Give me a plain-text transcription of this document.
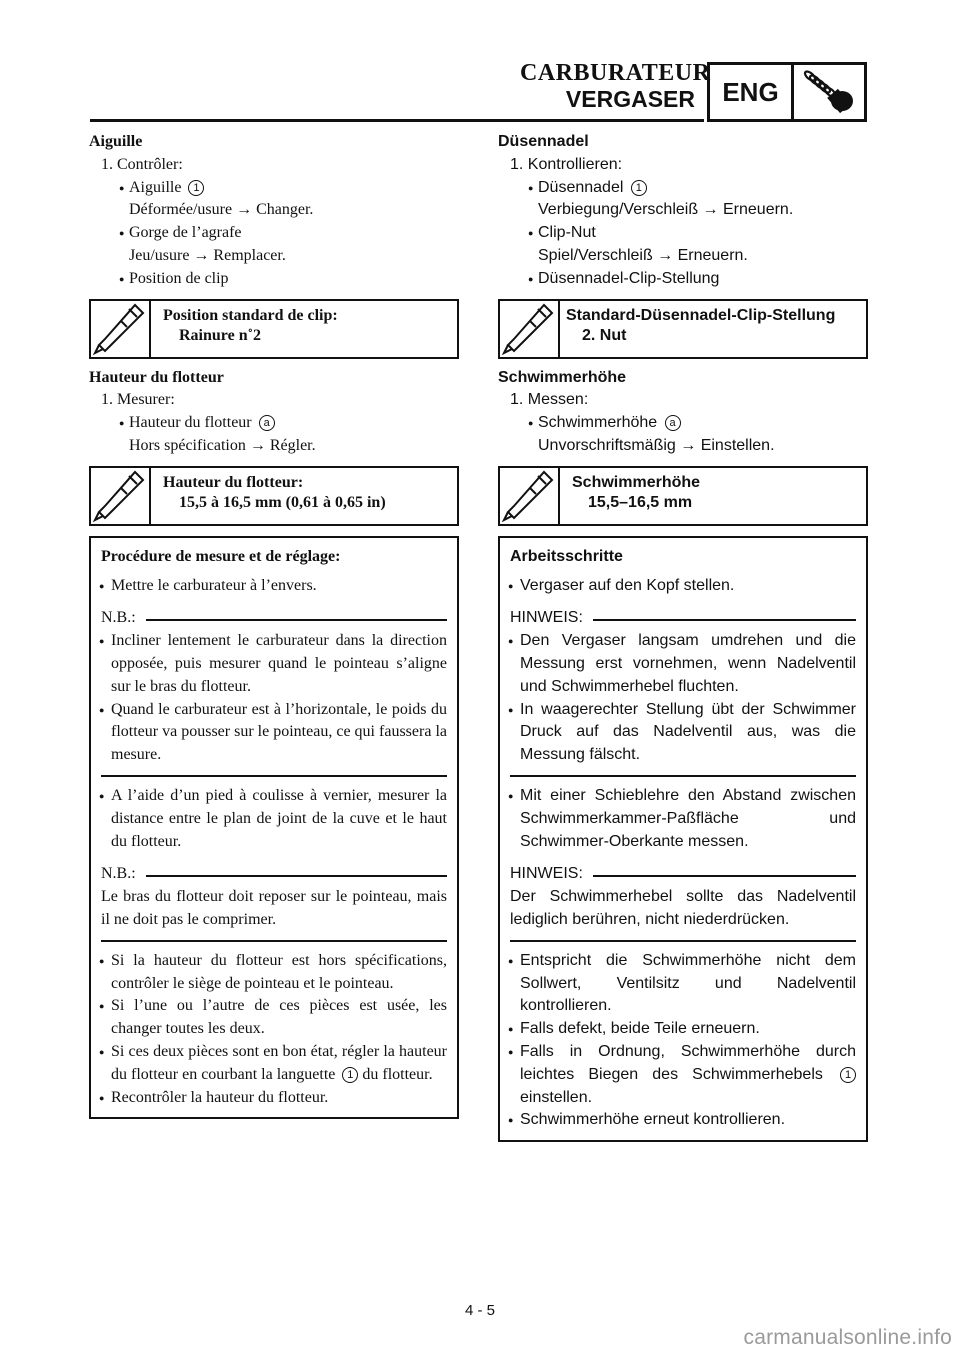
CARBURATEUR
VERGASER	ENG
Aiguille
1. Contrôler:
● Aiguille 1
Déformée/usure → Changer.
● Gorge de l’agrafe
Jeu/usure → Remplacer.
● Position de clip
Position standard de clip:
Rainure n˚2
Hauteur du flotteur
1. Mesurer:
● Hauteur du flotteur a
Hors spécification → Régler.
Hauteur du flotteur:
15,5 à 16,5 mm (0,61 à 0,65 in)
Procédure de mesure et de réglage:
● Mettre le carburateur à l’envers.
N.B.:
● Incliner lentement le carburateur dans la direction opposée, puis mesurer quand le pointeau s’aligne sur le bras du flotteur.
● Quand le carburateur est à l’horizontale, le poids du flotteur va pousser sur le pointeau, ce qui faussera la mesure.
● A l’aide d’un pied à coulisse à vernier, mesurer la distance entre le plan de joint de la cuve et le haut du flotteur.
N.B.:
Le bras du flotteur doit reposer sur le pointeau, mais il ne doit pas le comprimer.
● Si la hauteur du flotteur est hors spécifications, contrôler le siège de pointeau et le pointeau.
● Si l’une ou l’autre de ces pièces est usée, les changer toutes les deux.
● Si ces deux pièces sont en bon état, régler la hauteur du flotteur en courbant la languette 1 du flotteur.
● Recontrôler la hauteur du flotteur.
Düsennadel
1. Kontrollieren:
● Düsennadel 1
Verbiegung/Verschleiß → Erneuern.
● Clip-Nut
Spiel/Verschleiß → Erneuern.
● Düsennadel-Clip-Stellung
Standard-Düsennadel-Clip-Stellung
2. Nut
Schwimmerhöhe
1. Messen:
● Schwimmerhöhe a
Unvorschriftsmäßig → Einstellen.
Schwimmerhöhe
15,5–16,5 mm
Arbeitsschritte
● Vergaser auf den Kopf stellen.
HINWEIS:
● Den Vergaser langsam umdrehen und die Messung erst vornehmen, wenn Nadelventil und Schwimmerhebel fluchten.
● In waagerechter Stellung übt der Schwimmer Druck auf das Nadelventil aus, was die Messung fälscht.
● Mit einer Schieblehre den Abstand zwischen Schwimmerkammer-Paßfläche und Schwimmer-Oberkante messen.
HINWEIS:
Der Schwimmerhebel sollte das Nadelventil lediglich berühren, nicht niederdrücken.
● Entspricht die Schwimmerhöhe nicht dem Sollwert, Ventilsitz und Nadelventil kontrollieren.
● Falls defekt, beide Teile erneuern.
● Falls in Ordnung, Schwimmerhöhe durch leichtes Biegen des Schwimmerhebels 1 einstellen.
● Schwimmerhöhe erneut kontrollieren.
4 - 5
carmanualsonline.info
